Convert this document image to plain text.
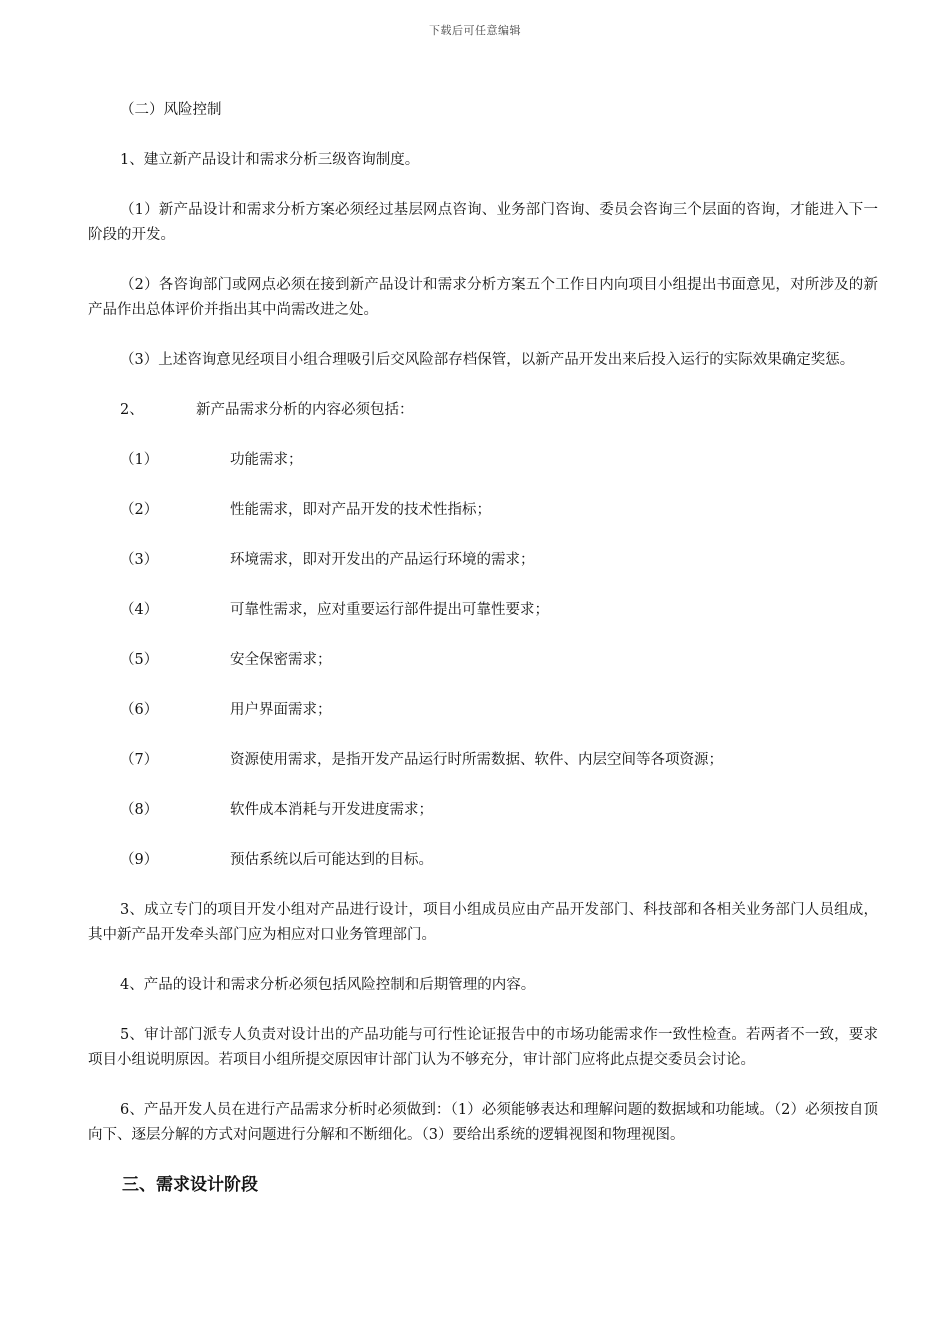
下载后可任意编辑
（二）风险控制
1、建立新产品设计和需求分析三级咨询制度。

（1）新产品设计和需求分析方案必须经过基层网点咨询、业务部门咨询、委员会咨询三个层面的咨询，才能进入下一阶段的开发。

（2）各咨询部门或网点必须在接到新产品设计和需求分析方案五个工作日内向项目小组提出书面意见，对所涉及的新产品作出总体评价并指出其中尚需改进之处。

（3）上述咨询意见经项目小组合理吸引后交风险部存档保管，以新产品开发出来后投入运行的实际效果确定奖惩。

2、	新产品需求分析的内容必须包括：
（1）	功能需求；
（2）	性能需求，即对产品开发的技术性指标；
（3）	环境需求，即对开发出的产品运行环境的需求；
（4）	可靠性需求，应对重要运行部件提出可靠性要求；
（5）	安全保密需求；
（6）	用户界面需求；
（7）	资源使用需求，是指开发产品运行时所需数据、软件、内层空间等各项资源；
（8）	软件成本消耗与开发进度需求；
（9）	预估系统以后可能达到的目标。

3、成立专门的项目开发小组对产品进行设计，项目小组成员应由产品开发部门、科技部和各相关业务部门人员组成，其中新产品开发牵头部门应为相应对口业务管理部门。

4、产品的设计和需求分析必须包括风险控制和后期管理的内容。

5、审计部门派专人负责对设计出的产品功能与可行性论证报告中的市场功能需求作一致性检查。若两者不一致，要求项目小组说明原因。若项目小组所提交原因审计部门认为不够充分，审计部门应将此点提交委员会讨论。

6、产品开发人员在进行产品需求分析时必须做到：（1）必须能够表达和理解问题的数据域和功能域。（2）必须按自顶向下、逐层分解的方式对问题进行分解和不断细化。（3）要给出系统的逻辑视图和物理视图。

三、需求设计阶段
